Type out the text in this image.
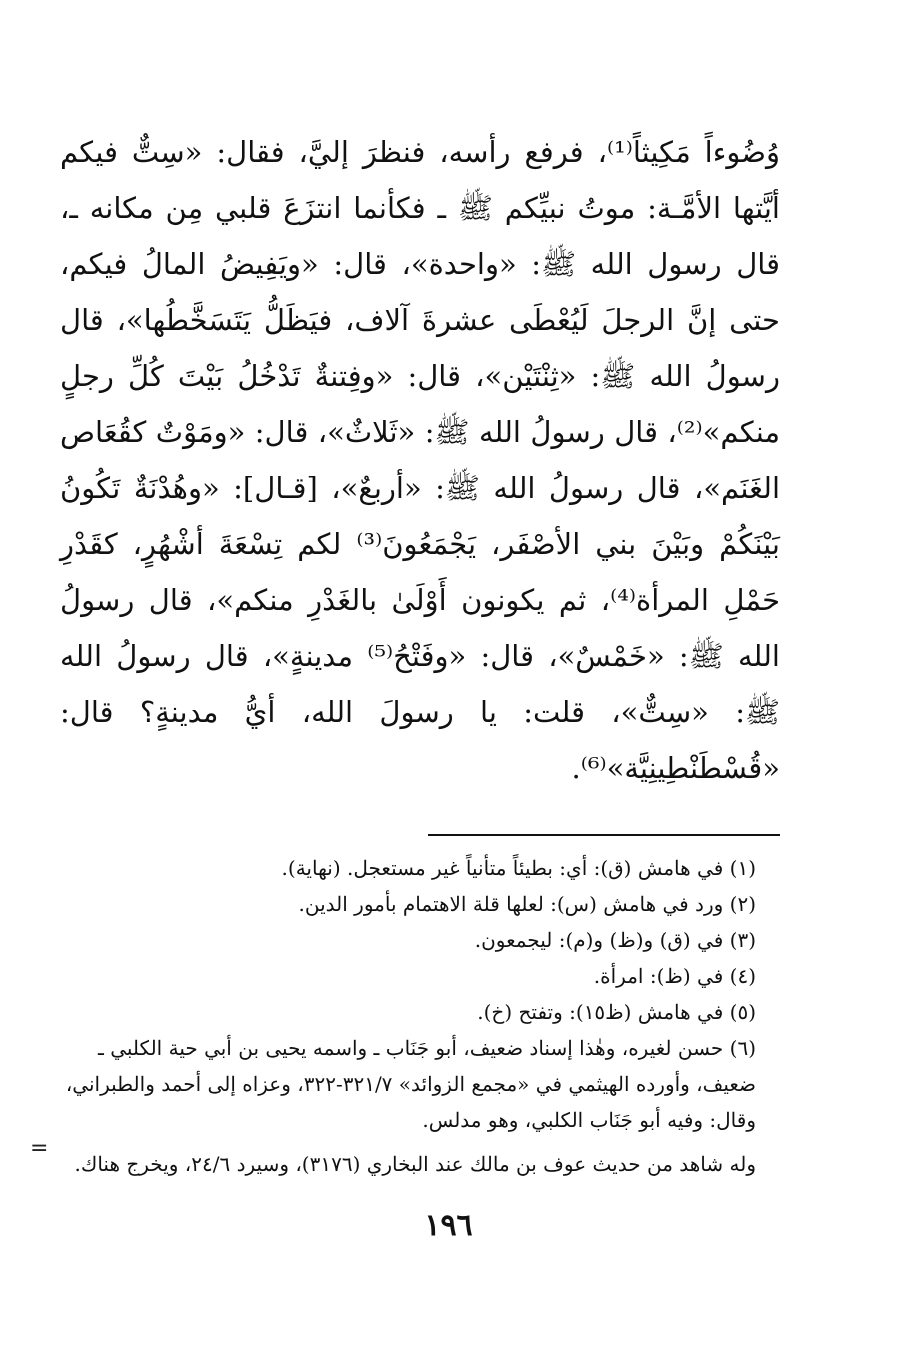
وُضُوءاً مَكِيثاً⁽¹⁾، فرفع رأسه، فنظرَ إليَّ، فقال: «سِتٌّ فيكم أيَّتها الأمَّـة: موتُ نبيِّكم ﷺ ـ فكأنما انتزَعَ قلبي مِن مكانه ـ، قال رسول الله ﷺ: «واحدة»، قال: «ويَفِيضُ المالُ فيكم، حتى إنَّ الرجلَ لَيُعْطَى عشرةَ آلاف، فيَظَلُّ يَتَسَخَّطُها»، قال رسولُ الله ﷺ: «ثِنْتَيْن»، قال: «وفِتنةٌ تَدْخُلُ بَيْتَ كُلِّ رجلٍ منكم»⁽²⁾، قال رسولُ الله ﷺ: «ثَلاثٌ»، قال: «ومَوْتٌ كقُعَاص الغَنَم»، قال رسولُ الله ﷺ: «أربعٌ»، [قـال]: «وهُدْنَةٌ تَكُونُ بَيْنَكُمْ وبَيْنَ بني الأصْفَر، يَجْمَعُونَ⁽³⁾ لكم تِسْعَةَ أشْهُرٍ، كقَدْرِ حَمْلِ المرأة⁽⁴⁾، ثم يكونون أَوْلَىٰ بالغَدْرِ منكم»، قال رسولُ الله ﷺ: «خَمْسٌ»، قال: «وفَتْحُ⁽⁵⁾ مدينةٍ»، قال رسولُ الله ﷺ: «سِتٌّ»، قلت: يا رسولَ الله، أيُّ مدينةٍ؟ قال: «قُسْطَنْطِينِيَّة»⁽⁶⁾.

(١) في هامش (ق): أي: بطيئاً متأنياً غير مستعجل. (نهاية).

(٢) ورد في هامش (س): لعلها قلة الاهتمام بأمور الدين.

(٣) في (ق) و(ظ) و(م): ليجمعون.

(٤) في (ظ): امرأة.

(٥) في هامش (ظ١٥): وتفتح (خ).

(٦) حسن لغيره، وهٰذا إسناد ضعيف، أبو جَنَاب ـ واسمه يحيى بن أبي حية الكلبي ـ ضعيف، وأورده الهيثمي في «مجمع الزوائد» ٣٢١/٧-٣٢٢، وعزاه إلى أحمد والطبراني، وقال: وفيه أبو جَنَاب الكلبي، وهو مدلس.

وله شاهد من حديث عوف بن مالك عند البخاري (٣١٧٦)، وسيرد ٢٤/٦، ويخرج هناك.

=
١٩٦
